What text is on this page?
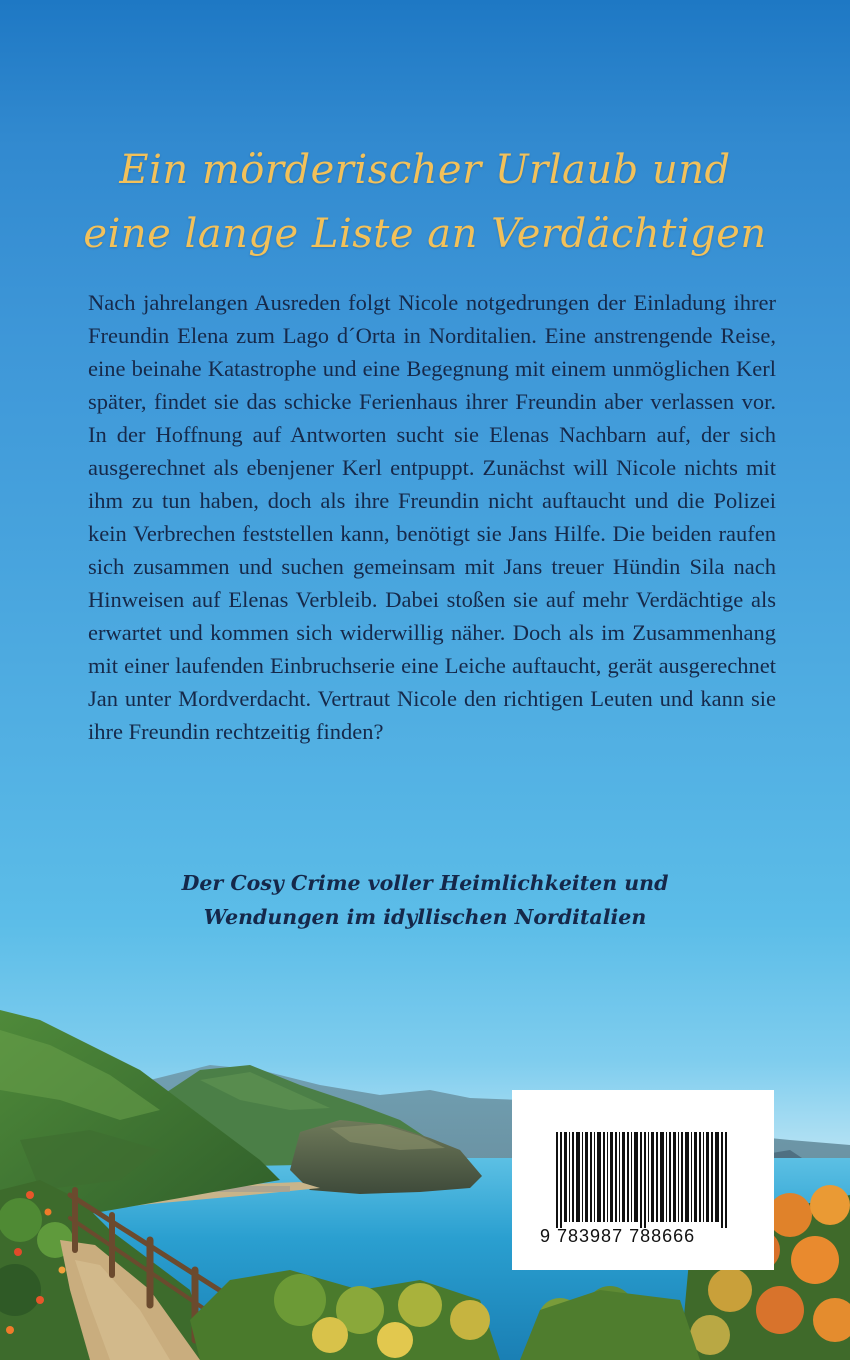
Ein mörderischer Urlaub und
eine lange Liste an Verdächtigen

Nach jahrelangen Ausreden folgt Nicole notgedrungen der Einladung ihrer Freundin Elena zum Lago d´Orta in Norditalien. Eine anstrengende Reise, eine beinahe Katastrophe und eine Begegnung mit einem unmöglichen Kerl später, findet sie das schicke Ferienhaus ihrer Freundin aber verlassen vor. In der Hoffnung auf Antworten sucht sie Elenas Nachbarn auf, der sich ausgerechnet als ebenjener Kerl entpuppt. Zunächst will Nicole nichts mit ihm zu tun haben, doch als ihre Freundin nicht auftaucht und die Polizei kein Verbrechen feststellen kann, benötigt sie Jans Hilfe. Die beiden raufen sich zusammen und suchen gemeinsam mit Jans treuer Hündin Sila nach Hinweisen auf Elenas Verbleib. Dabei stoßen sie auf mehr Verdächtige als erwartet und kommen sich widerwillig näher. Doch als im Zusammenhang mit einer laufenden Einbruchserie eine Leiche auftaucht, gerät ausgerechnet Jan unter Mordverdacht. Vertraut Nicole den richtigen Leuten und kann sie ihre Freundin rechtzeitig finden?

Der Cosy Crime voller Heimlichkeiten und
Wendungen im idyllischen Norditalien
9 783987 788666
